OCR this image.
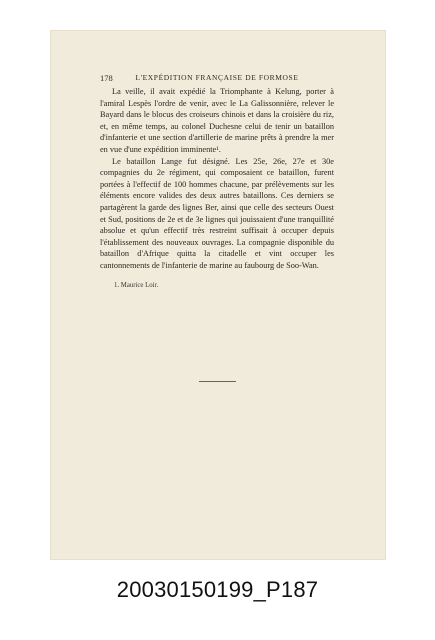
· · · · · · · · · · · · · · ·
178	L'EXPÉDITION FRANÇAISE DE FORMOSE

La veille, il avait expédié la Triomphante à Kelung, porter à l'amiral Lespès l'ordre de venir, avec le La Galissonnière, relever le Bayard dans le blocus des croiseurs chinois et dans la croisière du riz, et, en même temps, au colonel Duchesne celui de tenir un bataillon d'infanterie et une section d'artillerie de marine prêts à prendre la mer en vue d'une expédition imminente¹.

Le bataillon Lange fut désigné. Les 25e, 26e, 27e et 30e compagnies du 2e régiment, qui composaient ce bataillon, furent portées à l'effectif de 100 hommes chacune, par prélèvements sur les éléments encore valides des deux autres bataillons. Ces derniers se partagèrent la garde des lignes Ber, ainsi que celle des secteurs Ouest et Sud, positions de 2e et de 3e lignes qui jouissaient d'une tranquillité absolue et qu'un effectif très restreint suffisait à occuper depuis l'établissement des nouveaux ouvrages. La compagnie disponible du bataillon d'Afrique quitta la citadelle et vint occuper les cantonnements de l'infanterie de marine au faubourg de Soo-Wan.

1. Maurice Loir.
20030150199_P187
